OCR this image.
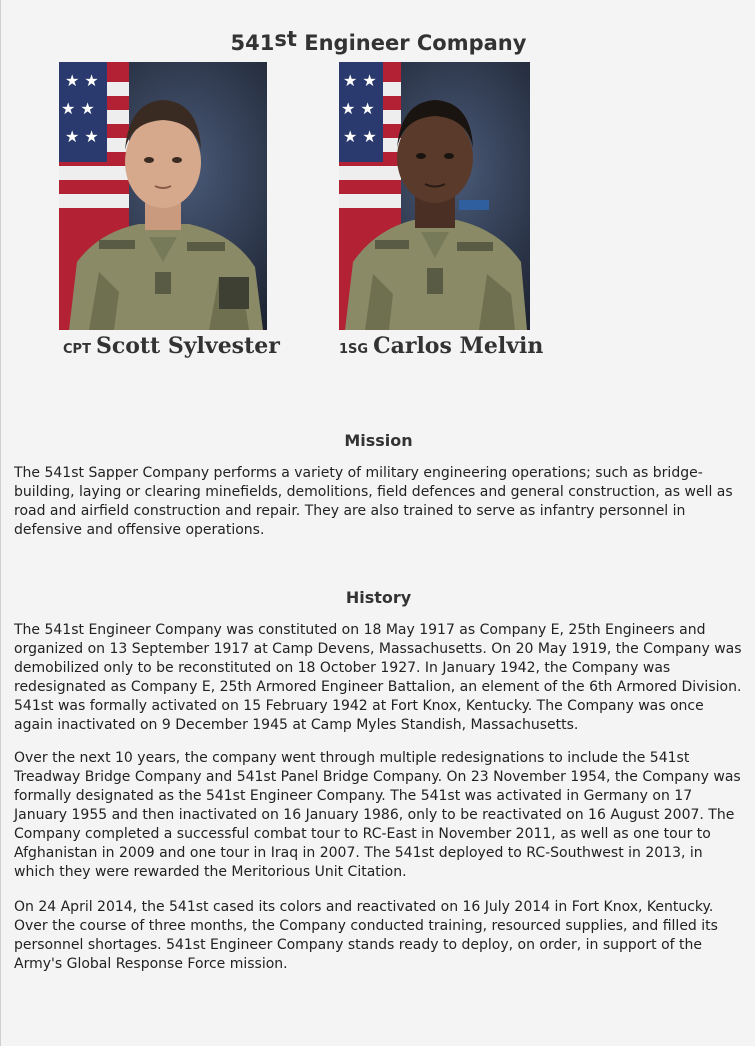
541st Engineer Company
★ ★
★ ★
★ ★
★ ★
★ ★
★ ★
CPT Scott Sylvester	1SG Carlos Melvin
Mission

The 541st Sapper Company performs a variety of military engineering operations; such as bridge-building, laying or clearing minefields, demolitions, field defences and general construction, as well as road and airfield construction and repair. They are also trained to serve as infantry personnel in defensive and offensive operations.

History

The 541st Engineer Company was constituted on 18 May 1917 as Company E, 25th Engineers and organized on 13 September 1917 at Camp Devens, Massachusetts. On 20 May 1919, the Company was demobilized only to be reconstituted on 18 October 1927. In January 1942, the Company was redesignated as Company E, 25th Armored Engineer Battalion, an element of the 6th Armored Division. 541st was formally activated on 15 February 1942 at Fort Knox, Kentucky. The Company was once again inactivated on 9 December 1945 at Camp Myles Standish, Massachusetts.

Over the next 10 years, the company went through multiple redesignations to include the 541st Treadway Bridge Company and 541st Panel Bridge Company. On 23 November 1954, the Company was formally designated as the 541st Engineer Company. The 541st was activated in Germany on 17 January 1955 and then inactivated on 16 January 1986, only to be reactivated on 16 August 2007. The Company completed a successful combat tour to RC-East in November 2011, as well as one tour to Afghanistan in 2009 and one tour in Iraq in 2007. The 541st deployed to RC-Southwest in 2013, in which they were rewarded the Meritorious Unit Citation.

On 24 April 2014, the 541st cased its colors and reactivated on 16 July 2014 in Fort Knox, Kentucky. Over the course of three months, the Company conducted training, resourced supplies, and filled its personnel shortages. 541st Engineer Company stands ready to deploy, on order, in support of the Army's Global Response Force mission.
